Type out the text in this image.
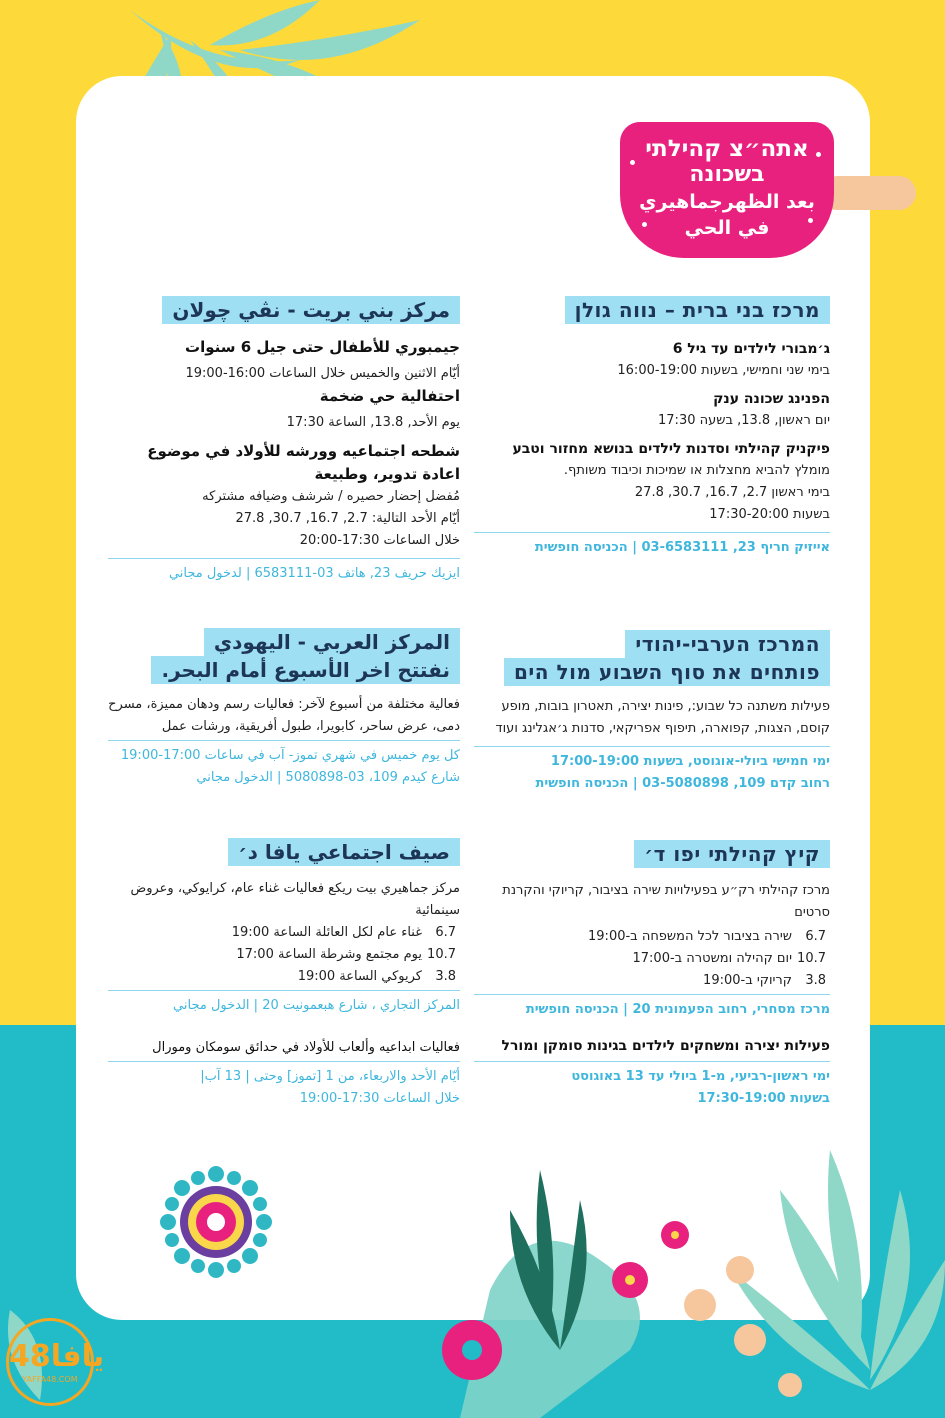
אתה״צ קהילתי
בשכונה
بعد الظهرجماهيري
في الحي
מרכז בני ברית – נווה גולן
ג׳מבורי לילדים עד גיל 6
בימי שני וחמישי, בשעות 16:00-19:00
הפנינג שכונה ענק
יום ראשון, 13.8, בשעה 17:30
פיקניק קהילתי וסדנות לילדים בנושא מחזור וטבע
מומלץ להביא מחצלות או שמיכות וכיבוד משותף.
בימי ראשון 2.7, 16.7, 30.7, 27.8
בשעות 17:30-20:00
אייזיק חריף 23, 03-6583111 | הכניסה חופשית
مركز بني بريت - نڤي چولان
جيمبوري للأطفال حتى جيل 6 سنوات
أيّام الاثنين والخميس خلال الساعات 16:00-19:00
احتفالية حي ضخمة
يوم الأحد, 13.8, الساعة 17:30
شطحه اجتماعيه وورشه للأولاد في موضوع اعادة تدوير، وطبيعة
مُفضل إحضار حصيره / شرشف وضيافه مشتركه
أيّام الأحد التالية: 2.7, 16.7, 30.7, 27.8
خلال الساعات 17:30-20:00
ايزيك حريف 23, هاتف 03-6583111 | لدخول مجاني
המרכז הערבי-יהודי
פותחים את סוף השבוע מול הים
פעילות משתנה כל שבוע:, פינות יצירה, תאטרון בובות, מופע קוסם, הצגות, קפוארה, תיפוף אפריקאי, סדנות ג׳אגלינג ועוד
ימי חמישי ביולי-אוגוסט, בשעות 17:00-19:00
רחוב קדם 109, 03-5080898 | הכניסה חופשית
المركز العربي - اليهودي
نفتتح اخر الأسبوع أمام البحر.
فعالية مختلفة من أسبوع لآخر: فعاليات رسم ودهان مميزة، مسرح دمى، عرض ساحر، كابويرا، طبول أفريقية، ورشات عمل
كل يوم خميس في شهري تموز- آب في ساعات 17:00-19:00
شارع كيدم 109، 03-5080898 | الدخول مجاني
קיץ קהילתי יפו ד׳
מרכז קהילתי רק״ע בפעילויות שירה בציבור, קריוקי והקרנת סרטים
6.7
שירה בציבור לכל המשפחה ב-19:00
10.7
יום קהילה ומשטרה ב-17:00
3.8
קריוקי ב-19:00
מרכז מסחרי, רחוב הפעמונית 20 | הכניסה חופשית
פעילות יצירה ומשחקים לילדים בגינות סומקן ומורל
ימי ראשון-רביעי, מ-1 ביולי עד 13 באוגוסט
בשעות 17:30-19:00
صيف اجتماعي يافا د׳
مركز جماهيري بيت ريكع فعاليات غناء عام، كرايوكي، وعروض سينمائية
6.7
غناء عام لكل العائلة الساعة 19:00
10.7
يوم مجتمع وشرطة الساعة 17:00
3.8
كريوكي الساعة 19:00
المركز التجاري ، شارع هبعمونيت 20 | الدخول مجاني
فعاليات ابداعيه وألعاب للأولاد في حدائق سومكان ومورال
أيّام الأحد والاربعاء، من 1 [تموز] وحتى | 13 آب|
خلال الساعات 17:30-19:00
يافا48
YAFFA48.COM
